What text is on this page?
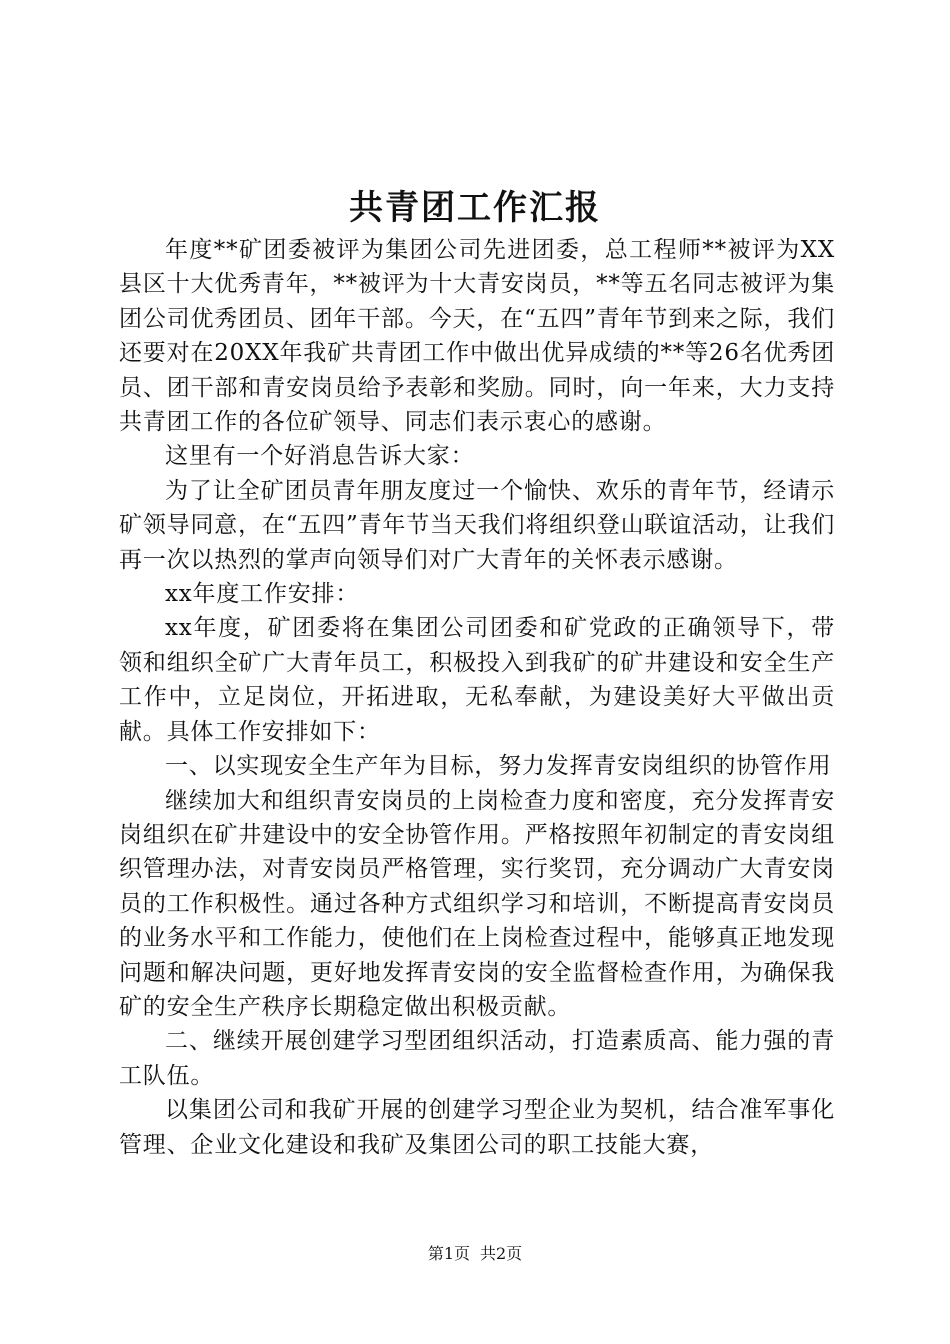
共青团工作汇报

年度**矿团委被评为集团公司先进团委，总工程师**被评为XX县区十大优秀青年，**被评为十大青安岗员，**等五名同志被评为集团公司优秀团员、团年干部。今天，在“五四”青年节到来之际，我们还要对在20XX年我矿共青团工作中做出优异成绩的**等26名优秀团员、团干部和青安岗员给予表彰和奖励。同时，向一年来，大力支持共青团工作的各位矿领导、同志们表示衷心的感谢。

这里有一个好消息告诉大家：

为了让全矿团员青年朋友度过一个愉快、欢乐的青年节，经请示矿领导同意，在“五四”青年节当天我们将组织登山联谊活动，让我们再一次以热烈的掌声向领导们对广大青年的关怀表示感谢。

xx年度工作安排：

xx年度，矿团委将在集团公司团委和矿党政的正确领导下，带领和组织全矿广大青年员工，积极投入到我矿的矿井建设和安全生产工作中，立足岗位，开拓进取，无私奉献，为建设美好大平做出贡献。具体工作安排如下：

一、以实现安全生产年为目标，努力发挥青安岗组织的协管作用

继续加大和组织青安岗员的上岗检查力度和密度，充分发挥青安岗组织在矿井建设中的安全协管作用。严格按照年初制定的青安岗组织管理办法，对青安岗员严格管理，实行奖罚，充分调动广大青安岗员的工作积极性。通过各种方式组织学习和培训，不断提高青安岗员的业务水平和工作能力，使他们在上岗检查过程中，能够真正地发现问题和解决问题，更好地发挥青安岗的安全监督检查作用，为确保我矿的安全生产秩序长期稳定做出积极贡献。

二、继续开展创建学习型团组织活动，打造素质高、能力强的青工队伍。

以集团公司和我矿开展的创建学习型企业为契机，结合准军事化管理、企业文化建设和我矿及集团公司的职工技能大赛，

第1页 共2页
